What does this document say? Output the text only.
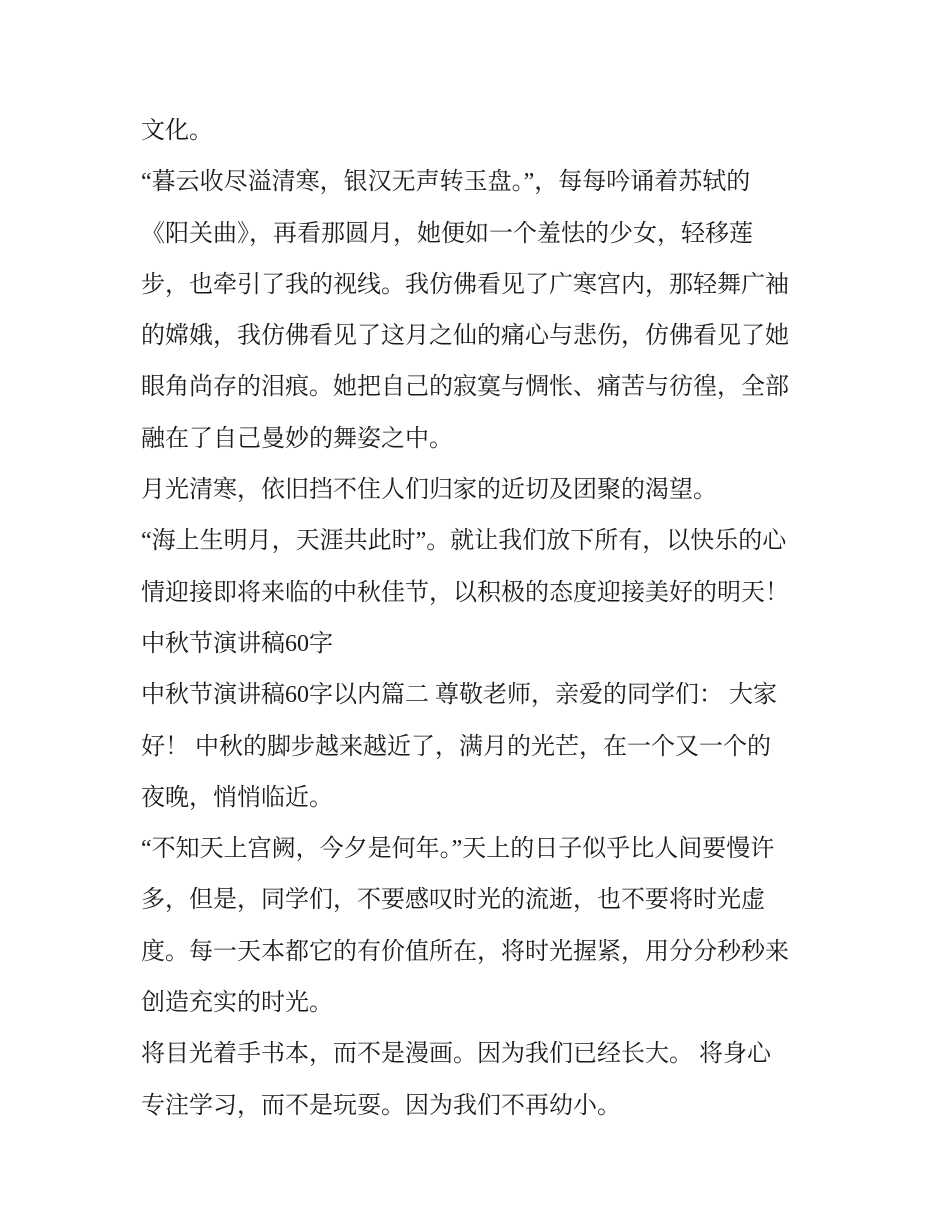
文化。
“暮云收尽溢清寒，银汉无声转玉盘。”，每每吟诵着苏轼的
《阳关曲》，再看那圆月，她便如一个羞怯的少女，轻移莲
步，也牵引了我的视线。我仿佛看见了广寒宫内，那轻舞广袖
的嫦娥，我仿佛看见了这月之仙的痛心与悲伤，仿佛看见了她
眼角尚存的泪痕。她把自己的寂寞与惆怅、痛苦与彷徨，全部
融在了自己曼妙的舞姿之中。
月光清寒，依旧挡不住人们归家的近切及团聚的渴望。
“海上生明月，天涯共此时”。就让我们放下所有，以快乐的心
情迎接即将来临的中秋佳节，以积极的态度迎接美好的明天！
中秋节演讲稿60字
中秋节演讲稿60字以内篇二 尊敬老师，亲爱的同学们： 大家
好！ 中秋的脚步越来越近了，满月的光芒，在一个又一个的
夜晚，悄悄临近。
“不知天上宫阙，今夕是何年。”天上的日子似乎比人间要慢许
多，但是，同学们，不要感叹时光的流逝，也不要将时光虚
度。每一天本都它的有价值所在，将时光握紧，用分分秒秒来
创造充实的时光。
将目光着手书本，而不是漫画。因为我们已经长大。 将身心
专注学习，而不是玩耍。因为我们不再幼小。
